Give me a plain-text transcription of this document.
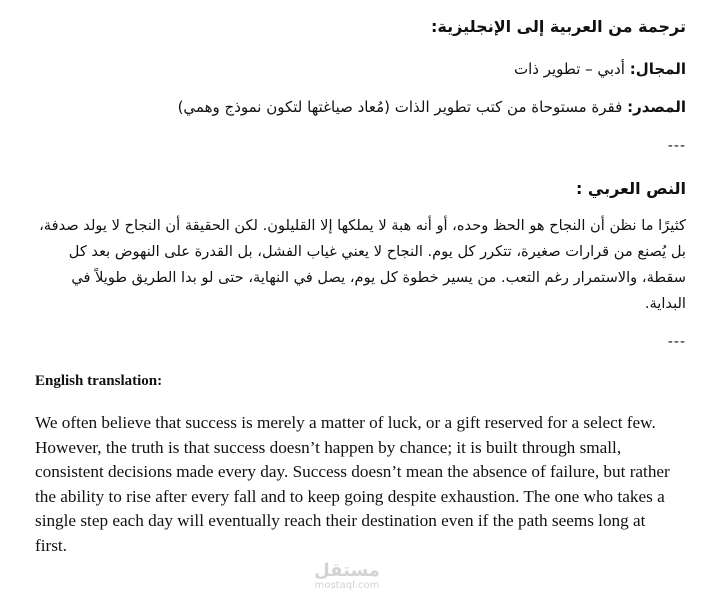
ترجمة من العربية إلى الإنجليزية:
المجال: أدبي – تطوير ذات
المصدر: فقرة مستوحاة من كتب تطوير الذات (مُعاد صياغتها لتكون نموذج وهمي)
---
النص العربي :

كثيرًا ما نظن أن النجاح هو الحظ وحده، أو أنه هبة لا يملكها إلا القليلون. لكن الحقيقة أن النجاح لا يولد صدفة، بل يُصنع من قرارات صغيرة، تتكرر كل يوم. النجاح لا يعني غياب الفشل، بل القدرة على النهوض بعد كل سقطة، والاستمرار رغم التعب. من يسير خطوة كل يوم، يصل في النهاية، حتى لو بدا الطريق طويلاً في البداية.

---
English translation:

We often believe that success is merely a matter of luck, or a gift reserved for a select few. However, the truth is that success doesn’t happen by chance; it is built through small, consistent decisions made every day. Success doesn’t mean the absence of failure, but rather the ability to rise after every fall and to keep going despite exhaustion. The one who takes a single step each day will eventually reach their destination even if the path seems long at first.

مستقل
mostaql.com
